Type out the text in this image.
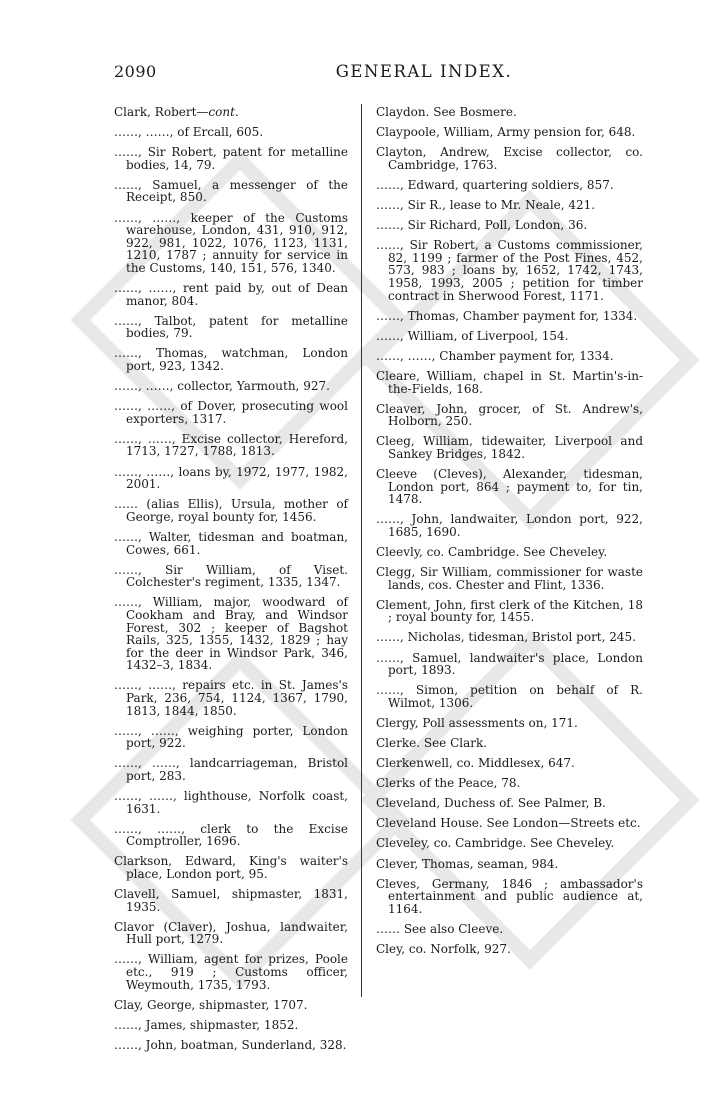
2090	GENERAL INDEX.

Clark, Robert—cont.

……, ……, of Ercall, 605.

……, Sir Robert, patent for metalline bodies, 14, 79.

……, Samuel, a messenger of the Receipt, 850.

……, ……, keeper of the Customs warehouse, London, 431, 910, 912, 922, 981, 1022, 1076, 1123, 1131, 1210, 1787 ; annuity for service in the Customs, 140, 151, 576, 1340.

……, ……, rent paid by, out of Dean manor, 804.

……, Talbot, patent for metalline bodies, 79.

……, Thomas, watchman, London port, 923, 1342.

……, ……, collector, Yarmouth, 927.

……, ……, of Dover, prosecuting wool exporters, 1317.

……, ……, Excise collector, Hereford, 1713, 1727, 1788, 1813.

……, ……, loans by, 1972, 1977, 1982, 2001.

…… (alias Ellis), Ursula, mother of George, royal bounty for, 1456.

……, Walter, tidesman and boatman, Cowes, 661.

……, Sir William, of Viset. Colchester's regiment, 1335, 1347.

……, William, major, woodward of Cookham and Bray, and Windsor Forest, 302 ; keeper of Bagshot Rails, 325, 1355, 1432, 1829 ; hay for the deer in Windsor Park, 346, 1432–3, 1834.

……, ……, repairs etc. in St. James's Park, 236, 754, 1124, 1367, 1790, 1813, 1844, 1850.

……, ……, weighing porter, London port, 922.

……, ……, landcarriageman, Bristol port, 283.

……, ……, lighthouse, Norfolk coast, 1631.

……, ……, clerk to the Excise Comptroller, 1696.

Clarkson, Edward, King's waiter's place, London port, 95.

Clavell, Samuel, shipmaster, 1831, 1935.

Clavor (Claver), Joshua, landwaiter, Hull port, 1279.

……, William, agent for prizes, Poole etc., 919 ; Customs officer, Weymouth, 1735, 1793.

Clay, George, shipmaster, 1707.

……, James, shipmaster, 1852.

……, John, boatman, Sunderland, 328.

Claydon. See Bosmere.

Claypoole, William, Army pension for, 648.

Clayton, Andrew, Excise collector, co. Cambridge, 1763.

……, Edward, quartering soldiers, 857.

……, Sir R., lease to Mr. Neale, 421.

……, Sir Richard, Poll, London, 36.

……, Sir Robert, a Customs commissioner, 82, 1199 ; farmer of the Post Fines, 452, 573, 983 ; loans by, 1652, 1742, 1743, 1958, 1993, 2005 ; petition for timber contract in Sherwood Forest, 1171.

……, Thomas, Chamber payment for, 1334.

……, William, of Liverpool, 154.

……, ……, Chamber payment for, 1334.

Cleare, William, chapel in St. Martin's-in-the-Fields, 168.

Cleaver, John, grocer, of St. Andrew's, Holborn, 250.

Cleeg, William, tidewaiter, Liverpool and Sankey Bridges, 1842.

Cleeve (Cleves), Alexander, tidesman, London port, 864 ; payment to, for tin, 1478.

……, John, landwaiter, London port, 922, 1685, 1690.

Cleevly, co. Cambridge. See Cheveley.

Clegg, Sir William, commissioner for waste lands, cos. Chester and Flint, 1336.

Clement, John, first clerk of the Kitchen, 18 ; royal bounty for, 1455.

……, Nicholas, tidesman, Bristol port, 245.

……, Samuel, landwaiter's place, London port, 1893.

……, Simon, petition on behalf of R. Wilmot, 1306.

Clergy, Poll assessments on, 171.

Clerke. See Clark.

Clerkenwell, co. Middlesex, 647.

Clerks of the Peace, 78.

Cleveland, Duchess of. See Palmer, B.

Cleveland House. See London—Streets etc.

Cleveley, co. Cambridge. See Cheveley.

Clever, Thomas, seaman, 984.

Cleves, Germany, 1846 ; ambassador's entertainment and public audience at, 1164.

…… See also Cleeve.

Cley, co. Norfolk, 927.
